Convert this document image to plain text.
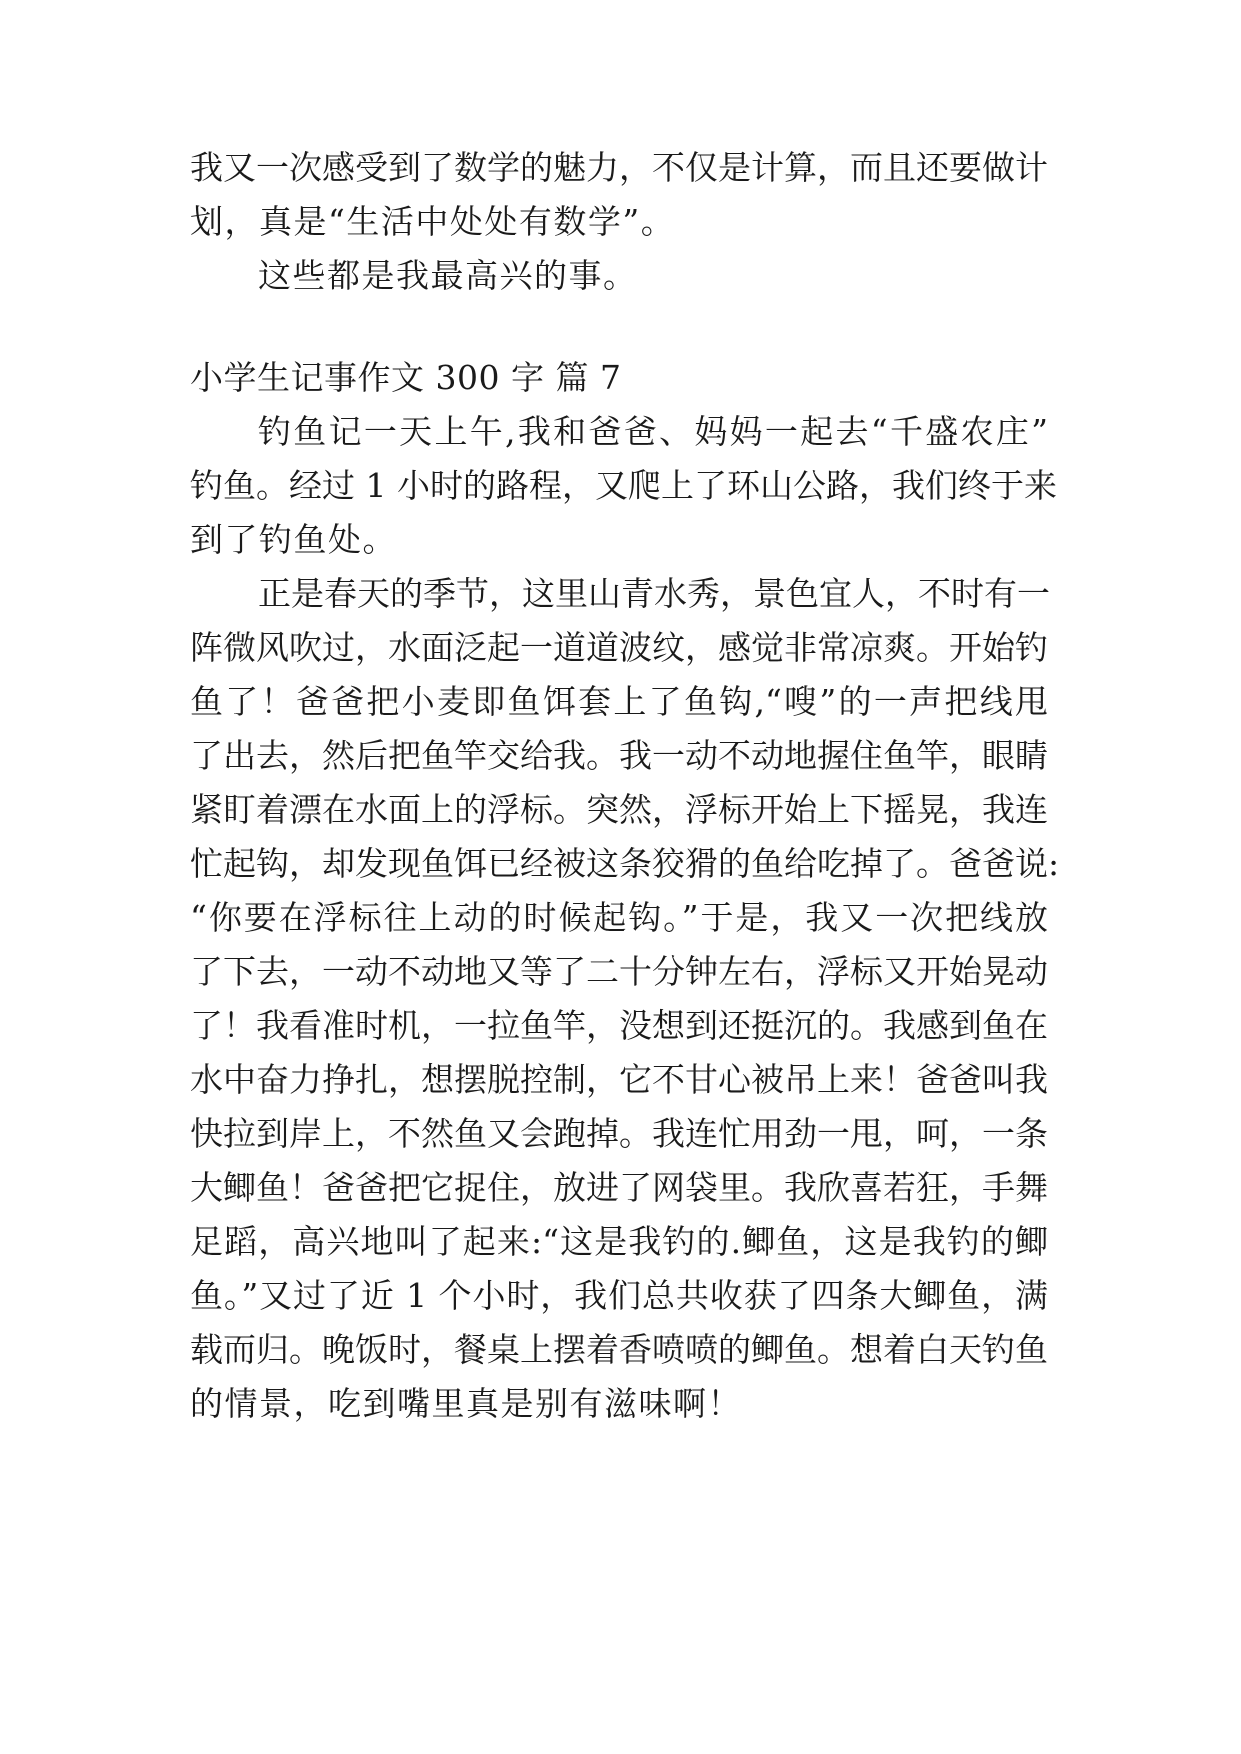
我又一次感受到了数学的魅力，不仅是计算，而且还要做计
划，真是“生活中处处有数学”。
这些都是我最高兴的事。
小学生记事作文 300 字 篇 7
钓鱼记一天上午,我和爸爸、妈妈一起去“千盛农庄”
钓鱼。经过 1 小时的路程，又爬上了环山公路，我们终于来
到了钓鱼处。
正是春天的季节，这里山青水秀，景色宜人，不时有一
阵微风吹过，水面泛起一道道波纹，感觉非常凉爽。开始钓
鱼了！爸爸把小麦即鱼饵套上了鱼钩,“嗖”的一声把线甩
了出去，然后把鱼竿交给我。我一动不动地握住鱼竿，眼睛
紧盯着漂在水面上的浮标。突然，浮标开始上下摇晃，我连
忙起钩，却发现鱼饵已经被这条狡猾的鱼给吃掉了。爸爸说:
“你要在浮标往上动的时候起钩。”于是，我又一次把线放
了下去，一动不动地又等了二十分钟左右，浮标又开始晃动
了！我看准时机，一拉鱼竿，没想到还挺沉的。我感到鱼在
水中奋力挣扎，想摆脱控制，它不甘心被吊上来！爸爸叫我
快拉到岸上，不然鱼又会跑掉。我连忙用劲一甩，呵，一条
大鲫鱼！爸爸把它捉住，放进了网袋里。我欣喜若狂，手舞
足蹈，高兴地叫了起来:“这是我钓的.鲫鱼，这是我钓的鲫
鱼。”又过了近 1 个小时，我们总共收获了四条大鲫鱼，满
载而归。晚饭时，餐桌上摆着香喷喷的鲫鱼。想着白天钓鱼
的情景，吃到嘴里真是别有滋味啊！
